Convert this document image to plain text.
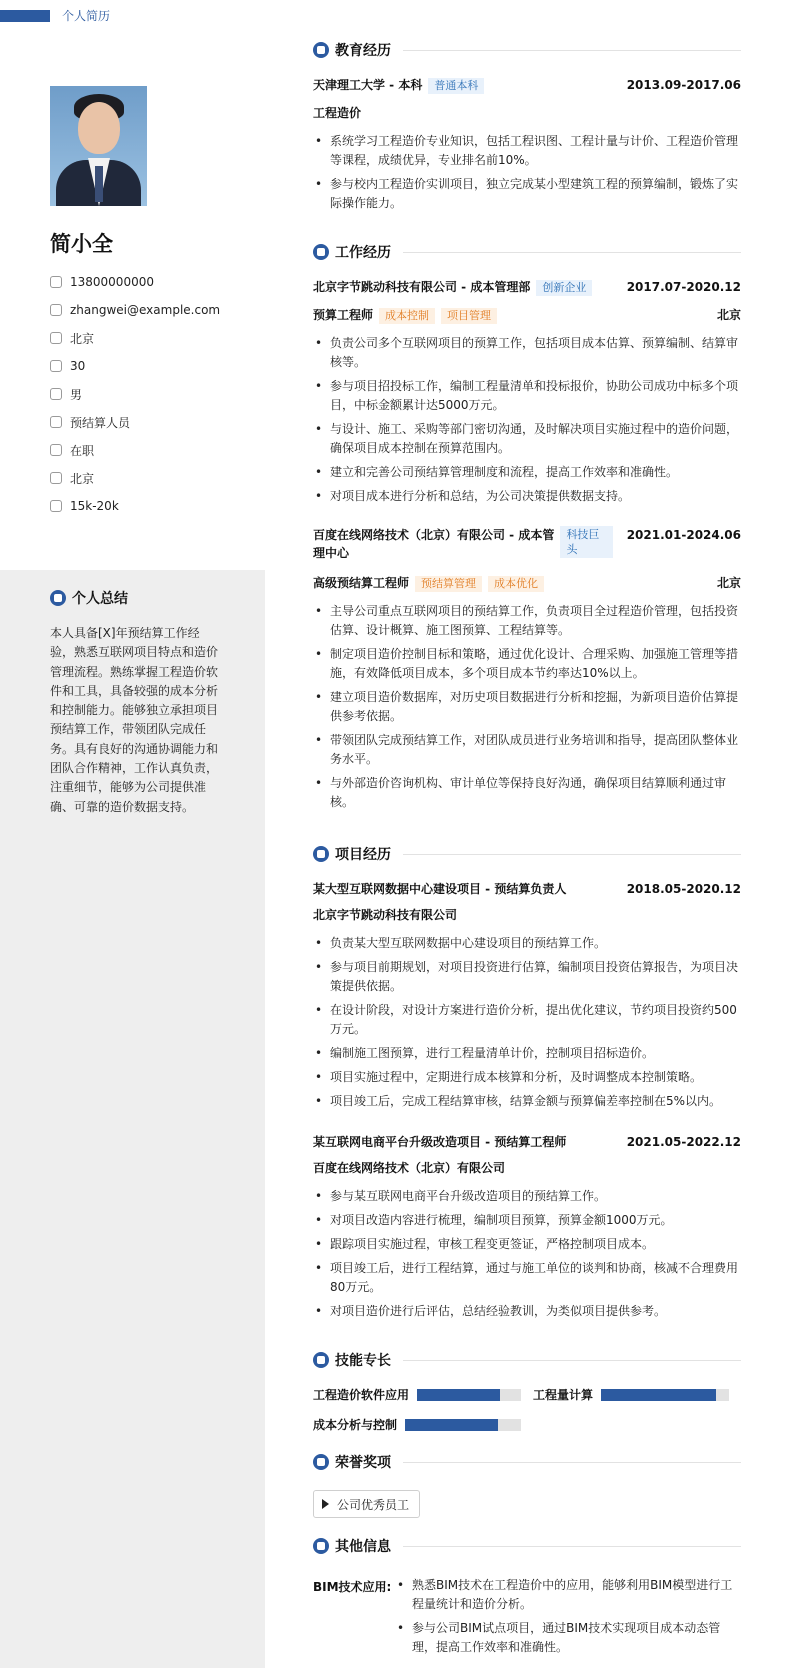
个人简历
简小全
13800000000
zhangwei@example.com
北京
30
男
预结算人员
在职
北京
15k-20k
个人总结
本人具备[X]年预结算工作经验，熟悉互联网项目特点和造价管理流程。熟练掌握工程造价软件和工具，具备较强的成本分析和控制能力。能够独立承担项目预结算工作，带领团队完成任务。具有良好的沟通协调能力和团队合作精神，工作认真负责，注重细节，能够为公司提供准确、可靠的造价数据支持。
教育经历
天津理工大学 - 本科 普通本科	2013.09-2017.06
工程造价
• 系统学习工程造价专业知识，包括工程识图、工程计量与计价、工程造价管理等课程，成绩优异，专业排名前10%。
• 参与校内工程造价实训项目，独立完成某小型建筑工程的预算编制，锻炼了实际操作能力。
工作经历
北京字节跳动科技有限公司 - 成本管理部 创新企业	2017.07-2020.12
预算工程师 成本控制 项目管理	北京
• 负责公司多个互联网项目的预算工作，包括项目成本估算、预算编制、结算审核等。
• 参与项目招投标工作，编制工程量清单和投标报价，协助公司成功中标多个项目，中标金额累计达5000万元。
• 与设计、施工、采购等部门密切沟通，及时解决项目实施过程中的造价问题，确保项目成本控制在预算范围内。
• 建立和完善公司预结算管理制度和流程，提高工作效率和准确性。
• 对项目成本进行分析和总结，为公司决策提供数据支持。
百度在线网络技术（北京）有限公司 - 成本管理中心
科技巨头
2021.01-2024.06
高级预结算工程师 预结算管理 成本优化	北京
• 主导公司重点互联网项目的预结算工作，负责项目全过程造价管理，包括投资估算、设计概算、施工图预算、工程结算等。
• 制定项目造价控制目标和策略，通过优化设计、合理采购、加强施工管理等措施，有效降低项目成本，多个项目成本节约率达10%以上。
• 建立项目造价数据库，对历史项目数据进行分析和挖掘，为新项目造价估算提供参考依据。
• 带领团队完成预结算工作，对团队成员进行业务培训和指导，提高团队整体业务水平。
• 与外部造价咨询机构、审计单位等保持良好沟通，确保项目结算顺利通过审核。
项目经历
某大型互联网数据中心建设项目 - 预结算负责人	2018.05-2020.12
北京字节跳动科技有限公司
• 负责某大型互联网数据中心建设项目的预结算工作。
• 参与项目前期规划，对项目投资进行估算，编制项目投资估算报告，为项目决策提供依据。
• 在设计阶段，对设计方案进行造价分析，提出优化建议，节约项目投资约500万元。
• 编制施工图预算，进行工程量清单计价，控制项目招标造价。
• 项目实施过程中，定期进行成本核算和分析，及时调整成本控制策略。
• 项目竣工后，完成工程结算审核，结算金额与预算偏差率控制在5%以内。
某互联网电商平台升级改造项目 - 预结算工程师	2021.05-2022.12
百度在线网络技术（北京）有限公司
• 参与某互联网电商平台升级改造项目的预结算工作。
• 对项目改造内容进行梳理，编制项目预算，预算金额1000万元。
• 跟踪项目实施过程，审核工程变更签证，严格控制项目成本。
• 项目竣工后，进行工程结算，通过与施工单位的谈判和协商，核减不合理费用80万元。
• 对项目造价进行后评估，总结经验教训，为类似项目提供参考。
技能专长
工程造价软件应用	工程量计算
成本分析与控制
荣誉奖项
公司优秀员工
其他信息
BIM技术应用:
•	熟悉BIM技术在工程造价中的应用，能够利用BIM模型进行工程量统计和造价分析。
• 参与公司BIM试点项目，通过BIM技术实现项目成本动态管理，提高工作效率和准确性。
